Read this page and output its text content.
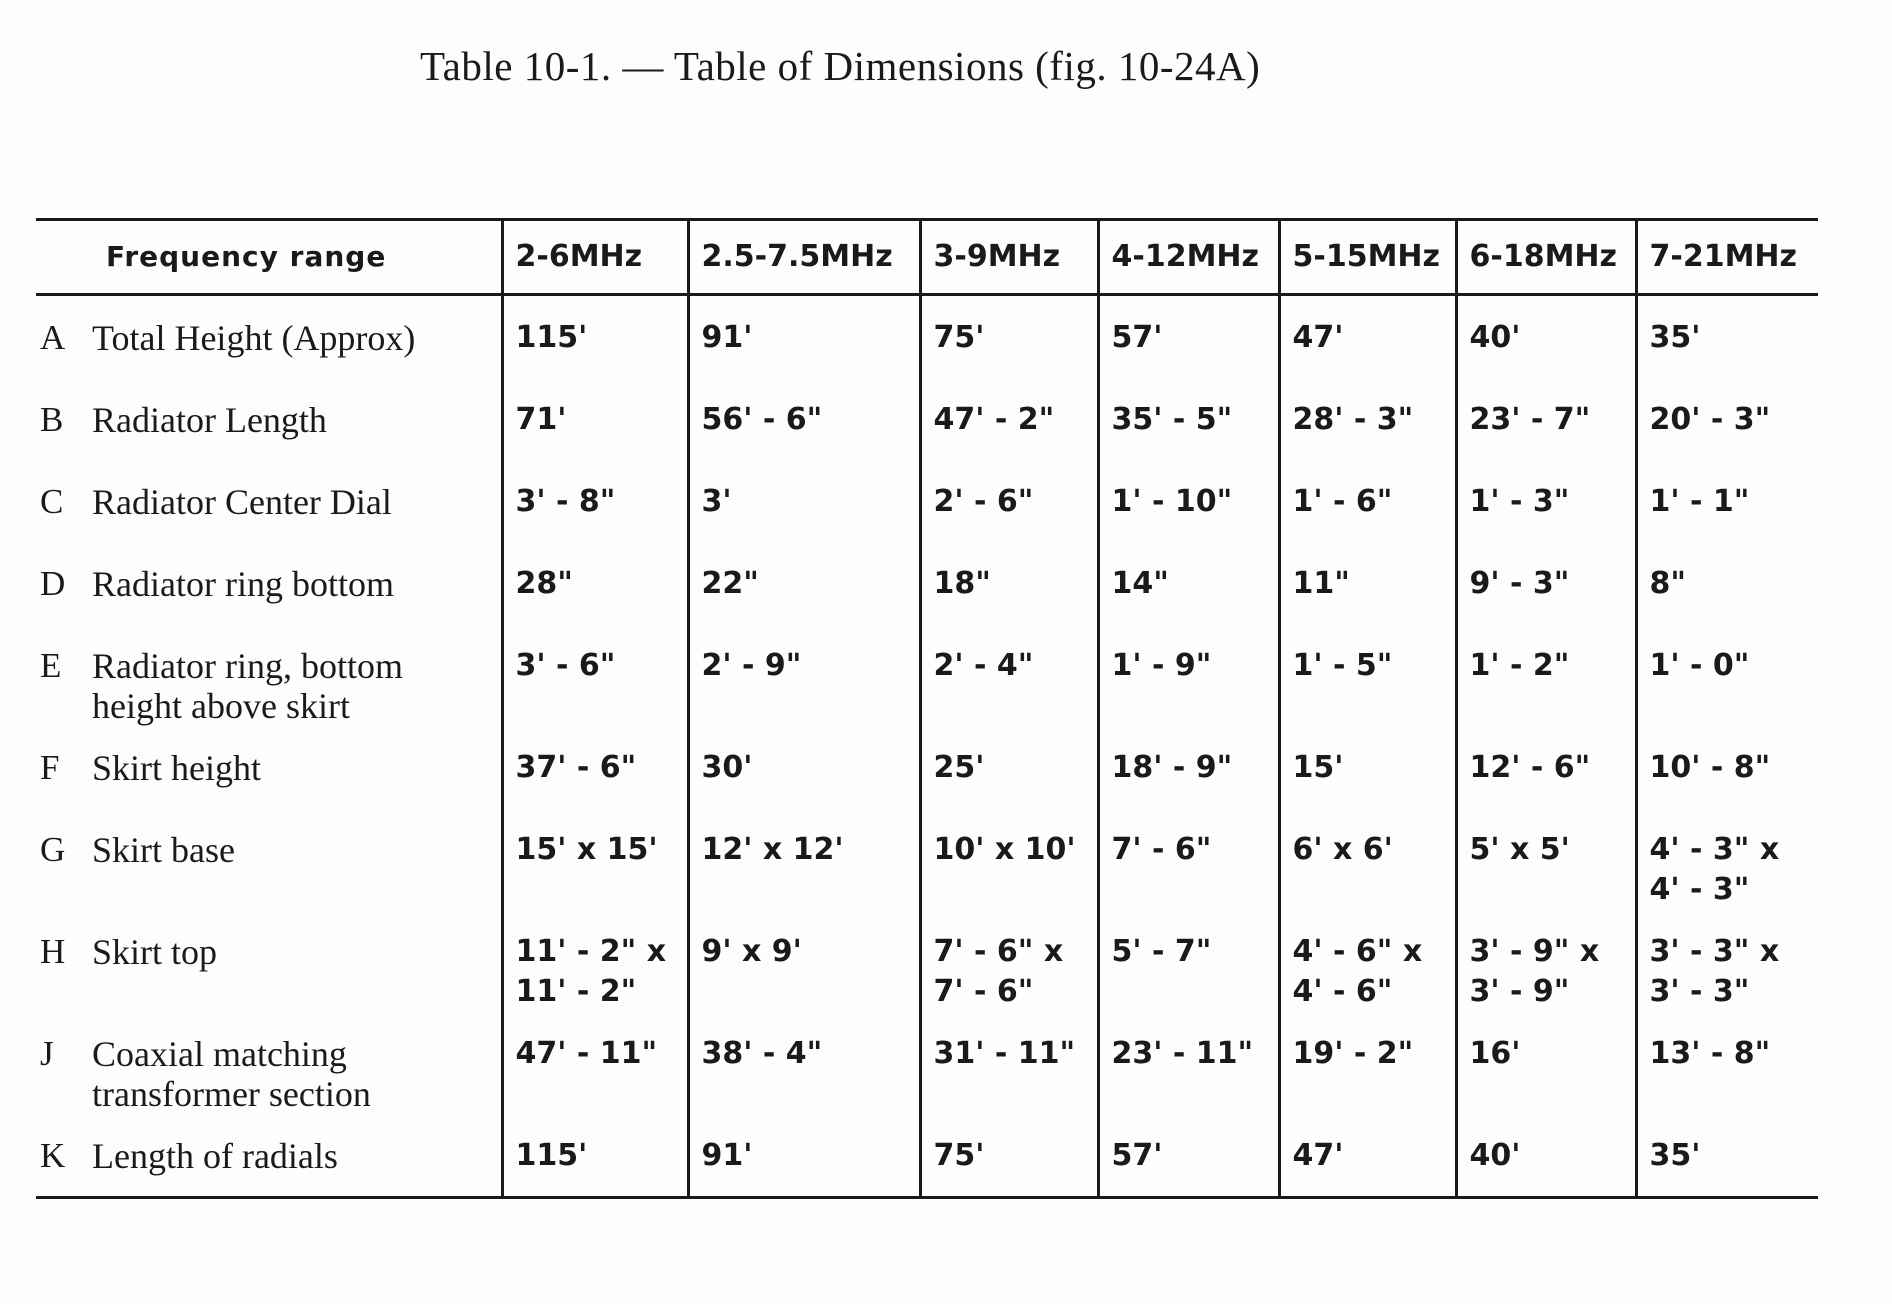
Table 10-1. — Table of Dimensions (fig. 10-24A)
Frequency range		2-6MHz	2.5-7.5MHz	3-9MHz	4-12MHz	5-15MHz	6-18MHz	7-21MHz
A	Total Height (Approx)	115'	91'	75'	57'	47'	40'	35'

B	Radiator Length	71'	56' - 6"	47' - 2"	35' - 5"	28' - 3"	23' - 7"	20' - 3"

C	Radiator Center Dial	3' - 8"	3'	2' - 6"	1' - 10"	1' - 6"	1' - 3"	1' - 1"

D	Radiator ring bottom	28"	22"	18"	14"	11"	9' - 3"	8"

E	Radiator ring, bottom
height above skirt	3' - 6"	2' - 9"	2' - 4"	1' - 9"	1' - 5"	1' - 2"	1' - 0"

F	Skirt height	37' - 6"	30'	25'	18' - 9"	15'	12' - 6"	10' - 8"

G	Skirt base	15' x 15'	12' x 12'	10' x 10'	7' - 6"	6' x 6'	5' x 5'	4' - 3" x
4' - 3"

H	Skirt top	11' - 2" x
11' - 2"	9' x 9'	7' - 6" x
7' - 6"	5' - 7"	4' - 6" x
4' - 6"	3' - 9" x
3' - 9"	3' - 3" x
3' - 3"

J	Coaxial matching
transformer section	47' - 11"	38' - 4"	31' - 11"	23' - 11"	19' - 2"	16'	13' - 8"

K	Length of radials	115'	91'	75'	57'	47'	40'	35'
